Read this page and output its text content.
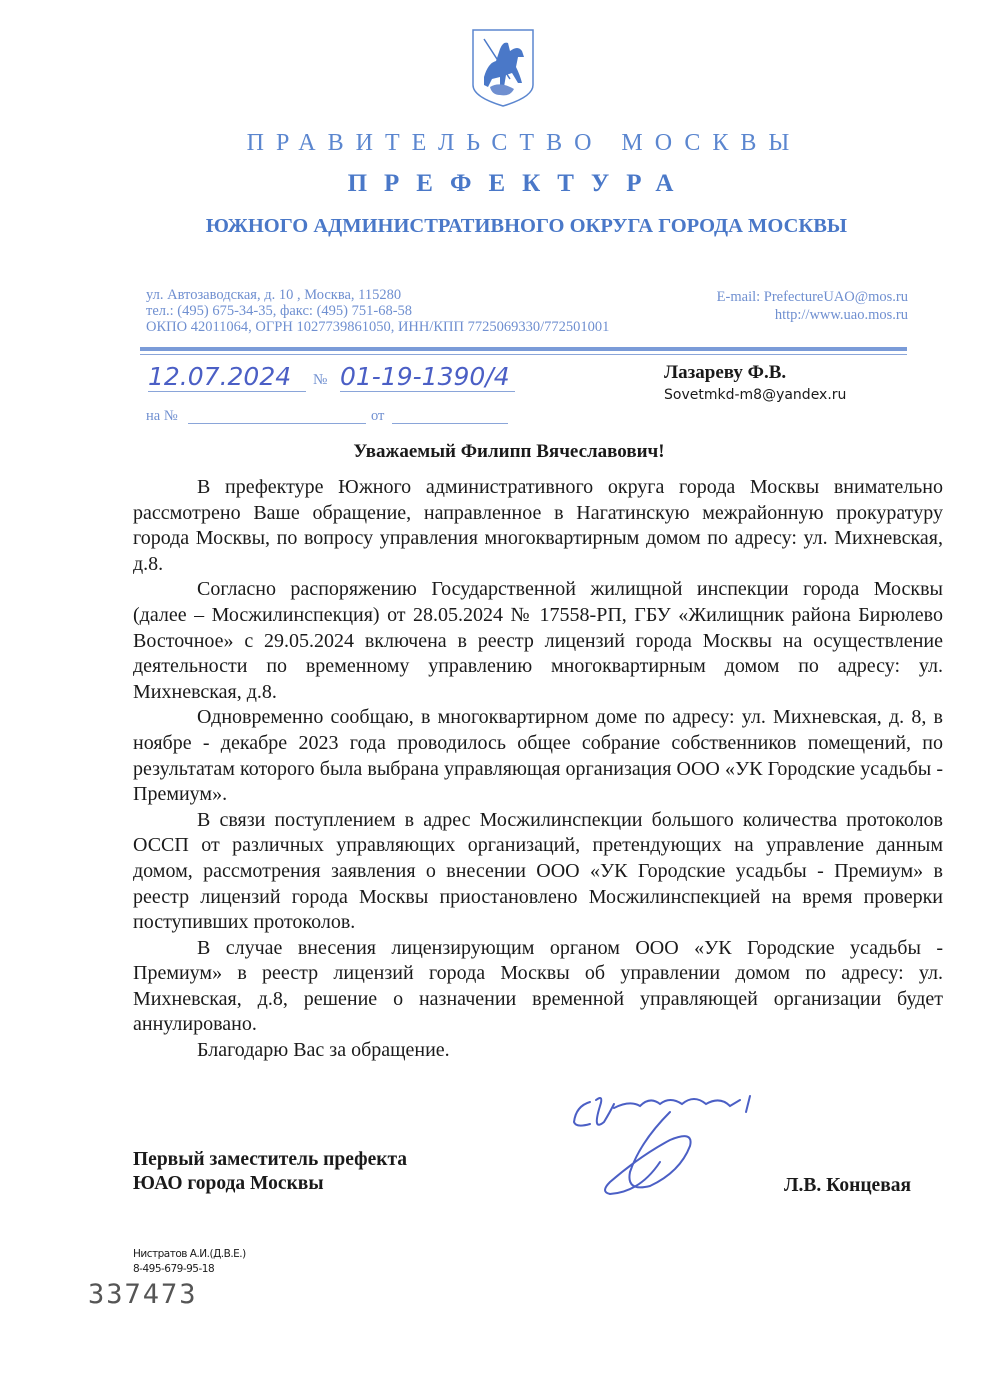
ПРАВИТЕЛЬСТВО МОСКВЫ
ПРЕФЕКТУРА
ЮЖНОГО АДМИНИСТРАТИВНОГО ОКРУГА ГОРОДА МОСКВЫ
ул. Автозаводская, д. 10 , Москва, 115280
тел.: (495) 675-34-35, факс: (495) 751-68-58
ОКПО 42011064, ОГРН 1027739861050, ИНН/КПП 7725069330/772501001
E-mail: PrefectureUAO@mos.ru
http://www.uao.mos.ru
12.07.2024	№ 01-19-1390/4
на №	от
Лазареву Ф.В.
Sovetmkd-m8@yandex.ru
Уважаемый Филипп Вячеславович!

В префектуре Южного административного округа города Москвы внимательно рассмотрено Ваше обращение, направленное в Нагатинскую межрайонную прокуратуру города Москвы, по вопросу управления многоквартирным домом по адресу: ул. Михневская, д.8.

Согласно распоряжению Государственной жилищной инспекции города Москвы (далее – Мосжилинспекция) от 28.05.2024 № 17558-РП, ГБУ «Жилищник района Бирюлево Восточное» с 29.05.2024 включена в реестр лицензий города Москвы на осуществление деятельности по временному управлению многоквартирным домом по адресу: ул. Михневская, д.8.

Одновременно сообщаю, в многоквартирном доме по адресу: ул. Михневская, д. 8, в ноябре - декабре 2023 года проводилось общее собрание собственников помещений, по результатам которого была выбрана управляющая организация ООО «УК Городские усадьбы - Премиум».

В связи поступлением в адрес Мосжилинспекции большого количества протоколов ОССП от различных управляющих организаций, претендующих на управление данным домом, рассмотрения заявления о внесении ООО «УК Городские усадьбы - Премиум» в реестр лицензий города Москвы приостановлено Мосжилинспекцией на время проверки поступивших протоколов.

В случае внесения лицензирующим органом ООО «УК Городские усадьбы - Премиум» в реестр лицензий города Москвы об управлении домом по адресу: ул. Михневская, д.8, решение о назначении временной управляющей организации будет аннулировано.

Благодарю Вас за обращение.

Первый заместитель префекта
ЮАО города Москвы	Л.В. Концевая
Нистратов А.И.(Д.В.Е.)
8-495-679-95-18
337473
